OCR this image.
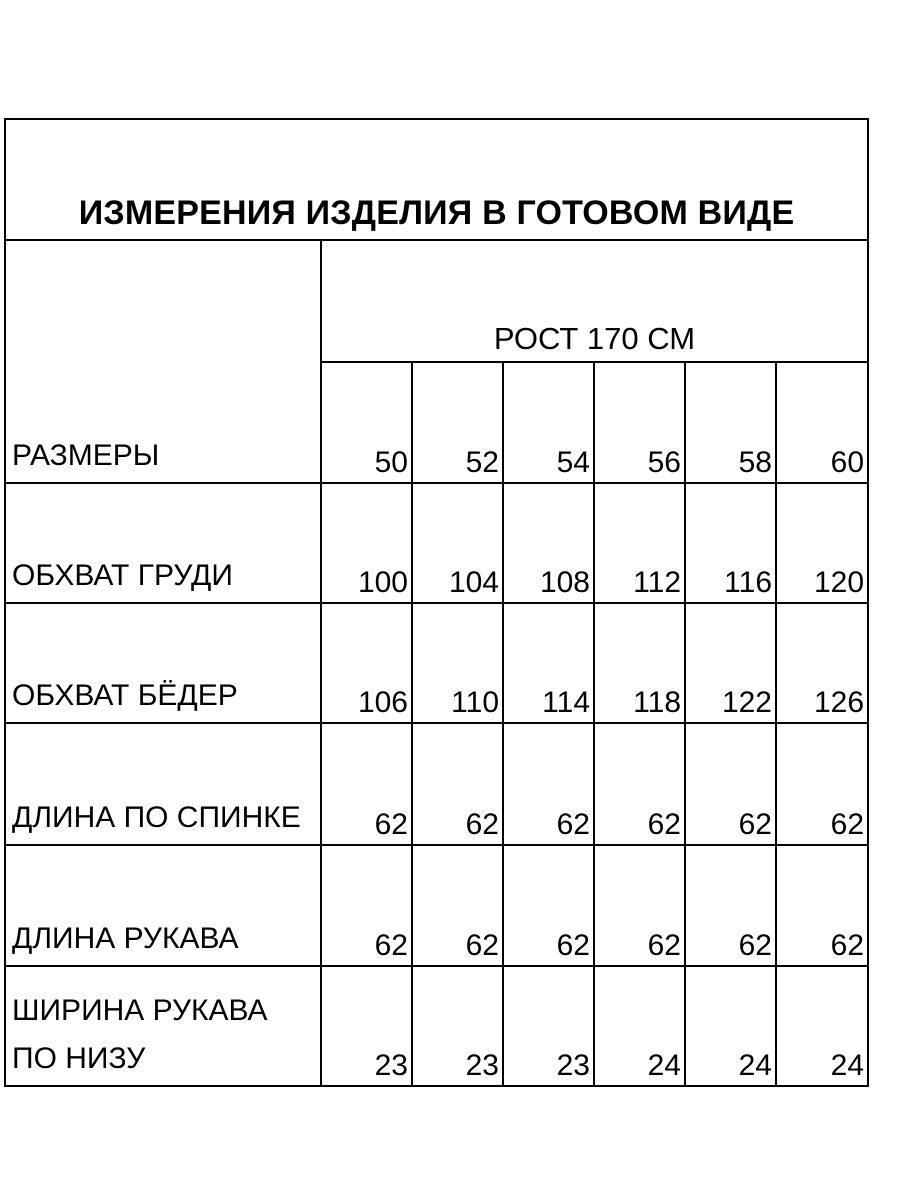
ИЗМЕРЕНИЯ ИЗДЕЛИЯ В ГОТОВОМ ВИДЕ						
РАЗМЕРЫ	РОСТ 170 СМ					
	50	52	54	56	58	60
ОБХВАТ ГРУДИ	100	104	108	112	116	120
ОБХВАТ БЁДЕР	106	110	114	118	122	126
ДЛИНА ПО СПИНКЕ	62	62	62	62	62	62
ДЛИНА РУКАВА	62	62	62	62	62	62
ШИРИНА РУКАВА ПО НИЗУ	23	23	23	24	24	24
